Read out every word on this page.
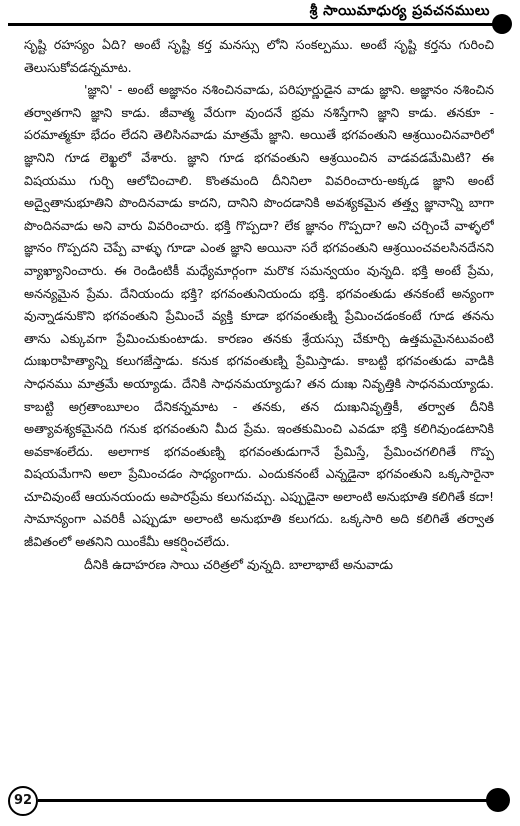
శ్రీ సాయిమాధుర్య ప్రవచనములు

సృష్టి రహస్యం ఏది? అంటే సృష్టి కర్త మనస్సు లోని సంకల్పము. అంటే సృష్టి కర్తను గురించి తెలుసుకోవడన్నమాట.

'జ్ఞాని' - అంటే అజ్ఞానం నశించినవాడు, పరిపూర్ణుడైన వాడు జ్ఞాని. అజ్ఞానం నశించిన తర్వాతగాని జ్ఞాని కాడు. జీవాత్మ వేరుగా వుందనే భ్రమ నశిస్తేగాని జ్ఞాని కాడు. తనకూ - పరమాత్మకూ భేదం లేదని తెలిసినవాడు మాత్రమే జ్ఞాని. అయితే భగవంతుని ఆశ్రయించినవారిలో జ్ఞానిని గూడ లెఖ్ఖలో వేశారు. జ్ఞాని గూడ భగవంతుని ఆశ్రయించిన వాడవడమేమిటి? ఈ విషయము గుర్చి ఆలోచించాలి. కొంతమంది దీనినిలా వివరించారు-అక్కడ జ్ఞాని అంటే అద్వైతానుభూతిని పొందినవాడు కాదని, దానిని పొందడానికి అవశ్యకమైన తత్త్వ జ్ఞానాన్ని బాగా పొందినవాడు అని వారు వివరించారు. భక్తి గొప్పదా? లేక జ్ఞానం గొప్పదా? అని చర్చించే వాళ్ళలో జ్ఞానం గొప్పదని చెప్పే వాళ్ళు గూడా ఎంత జ్ఞాని అయినా సరే భగవంతుని ఆశ్రయించవలసినదేనని వ్యాఖ్యానించారు. ఈ రెండింటికీ మధ్యేమార్గంగా మరొక సమన్వయం వున్నది. భక్తి అంటే ప్రేమ, అనన్యమైన ప్రేమ. దేనియందు భక్తి? భగవంతునియందు భక్తి. భగవంతుడు తనకంటే అన్యంగా వున్నాడనుకొని భగవంతుని ప్రేమించే వ్యక్తి కూడా భగవంతుణ్ని ప్రేమించడంకంటే గూడ తనను తాను ఎక్కువగా ప్రేమించుకుంటాడు. కారణం తనకు శ్రేయస్సు చేకూర్చి ఉత్తమమైనటువంటి దుఃఖరాహిత్యాన్ని కలుగజేస్తాడు. కనుక భగవంతుణ్ని ప్రేమిస్తాడు. కాబట్టి భగవంతుడు వాడికి సాధనము మాత్రమే అయ్యాడు. దేనికి సాధనమయ్యాడు? తన దుఃఖ నివృత్తికి సాధనమయ్యాడు. కాబట్టి అగ్రతాంబూలం దేనికన్నమాట - తనకు, తన దుఃఖనివృత్తికీ, తర్వాత దీనికి అత్యావశ్యకమైనది గనుక భగవంతుని మీద ప్రేమ. ఇంతకుమించి ఎవడూ భక్తి కలిగివుండటానికి అవకాశంలేదు. అలాగాక భగవంతుణ్ని భగవంతుడుగానే ప్రేమిస్తే, ప్రేమించగలిగితే గొప్ప విషయమేగాని అలా ప్రేమించడం సాధ్యంగాదు. ఎందుకనంటే ఎన్నడైనా భగవంతుని ఒక్కసారైనా చూచివుంటే ఆయనయందు అపారప్రేమ కలుగవచ్చు. ఎప్పుడైనా అలాంటి అనుభూతి కలిగితే కదా! సామాన్యంగా ఎవరికీ ఎప్పుడూ అలాంటి అనుభూతి కలుగదు. ఒక్కసారి అది కలిగితే తర్వాత జీవితంలో అతనిని యింకేమీ ఆకర్షించలేదు.

దీనికి ఉదాహరణ సాయి చరిత్రలో వున్నది. బాలాభాటే అనువాడు

92
